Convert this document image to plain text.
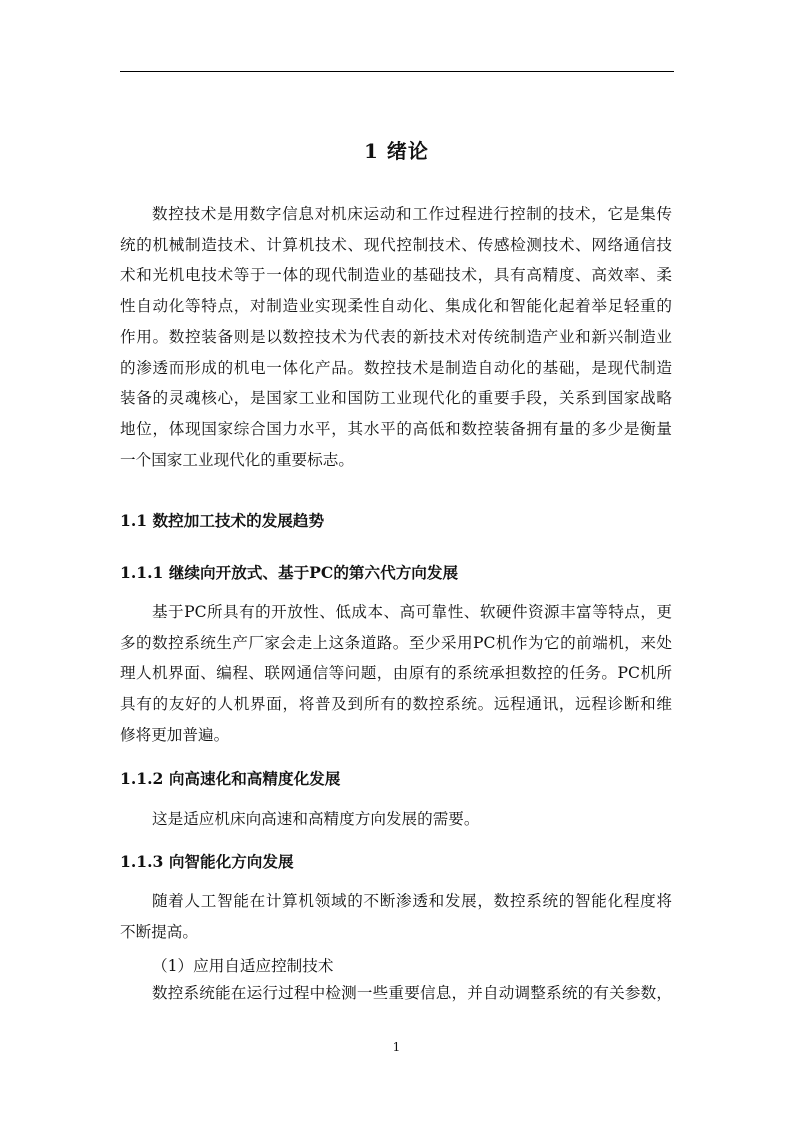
1 绪论
数控技术是用数字信息对机床运动和工作过程进行控制的技术，它是集传
统的机械制造技术、计算机技术、现代控制技术、传感检测技术、网络通信技
术和光机电技术等于一体的现代制造业的基础技术，具有高精度、高效率、柔
性自动化等特点，对制造业实现柔性自动化、集成化和智能化起着举足轻重的
作用。数控装备则是以数控技术为代表的新技术对传统制造产业和新兴制造业
的渗透而形成的机电一体化产品。数控技术是制造自动化的基础，是现代制造
装备的灵魂核心，是国家工业和国防工业现代化的重要手段，关系到国家战略
地位，体现国家综合国力水平，其水平的高低和数控装备拥有量的多少是衡量
一个国家工业现代化的重要标志。
1.1 数控加工技术的发展趋势
1.1.1 继续向开放式、基于PC的第六代方向发展
基于PC所具有的开放性、低成本、高可靠性、软硬件资源丰富等特点，更
多的数控系统生产厂家会走上这条道路。至少采用PC机作为它的前端机，来处
理人机界面、编程、联网通信等问题，由原有的系统承担数控的任务。PC机所
具有的友好的人机界面，将普及到所有的数控系统。远程通讯，远程诊断和维
修将更加普遍。
1.1.2 向高速化和高精度化发展
这是适应机床向高速和高精度方向发展的需要。
1.1.3 向智能化方向发展
随着人工智能在计算机领域的不断渗透和发展，数控系统的智能化程度将
不断提高。

（1）应用自适应控制技术

数控系统能在运行过程中检测一些重要信息，并自动调整系统的有关参数，
1
